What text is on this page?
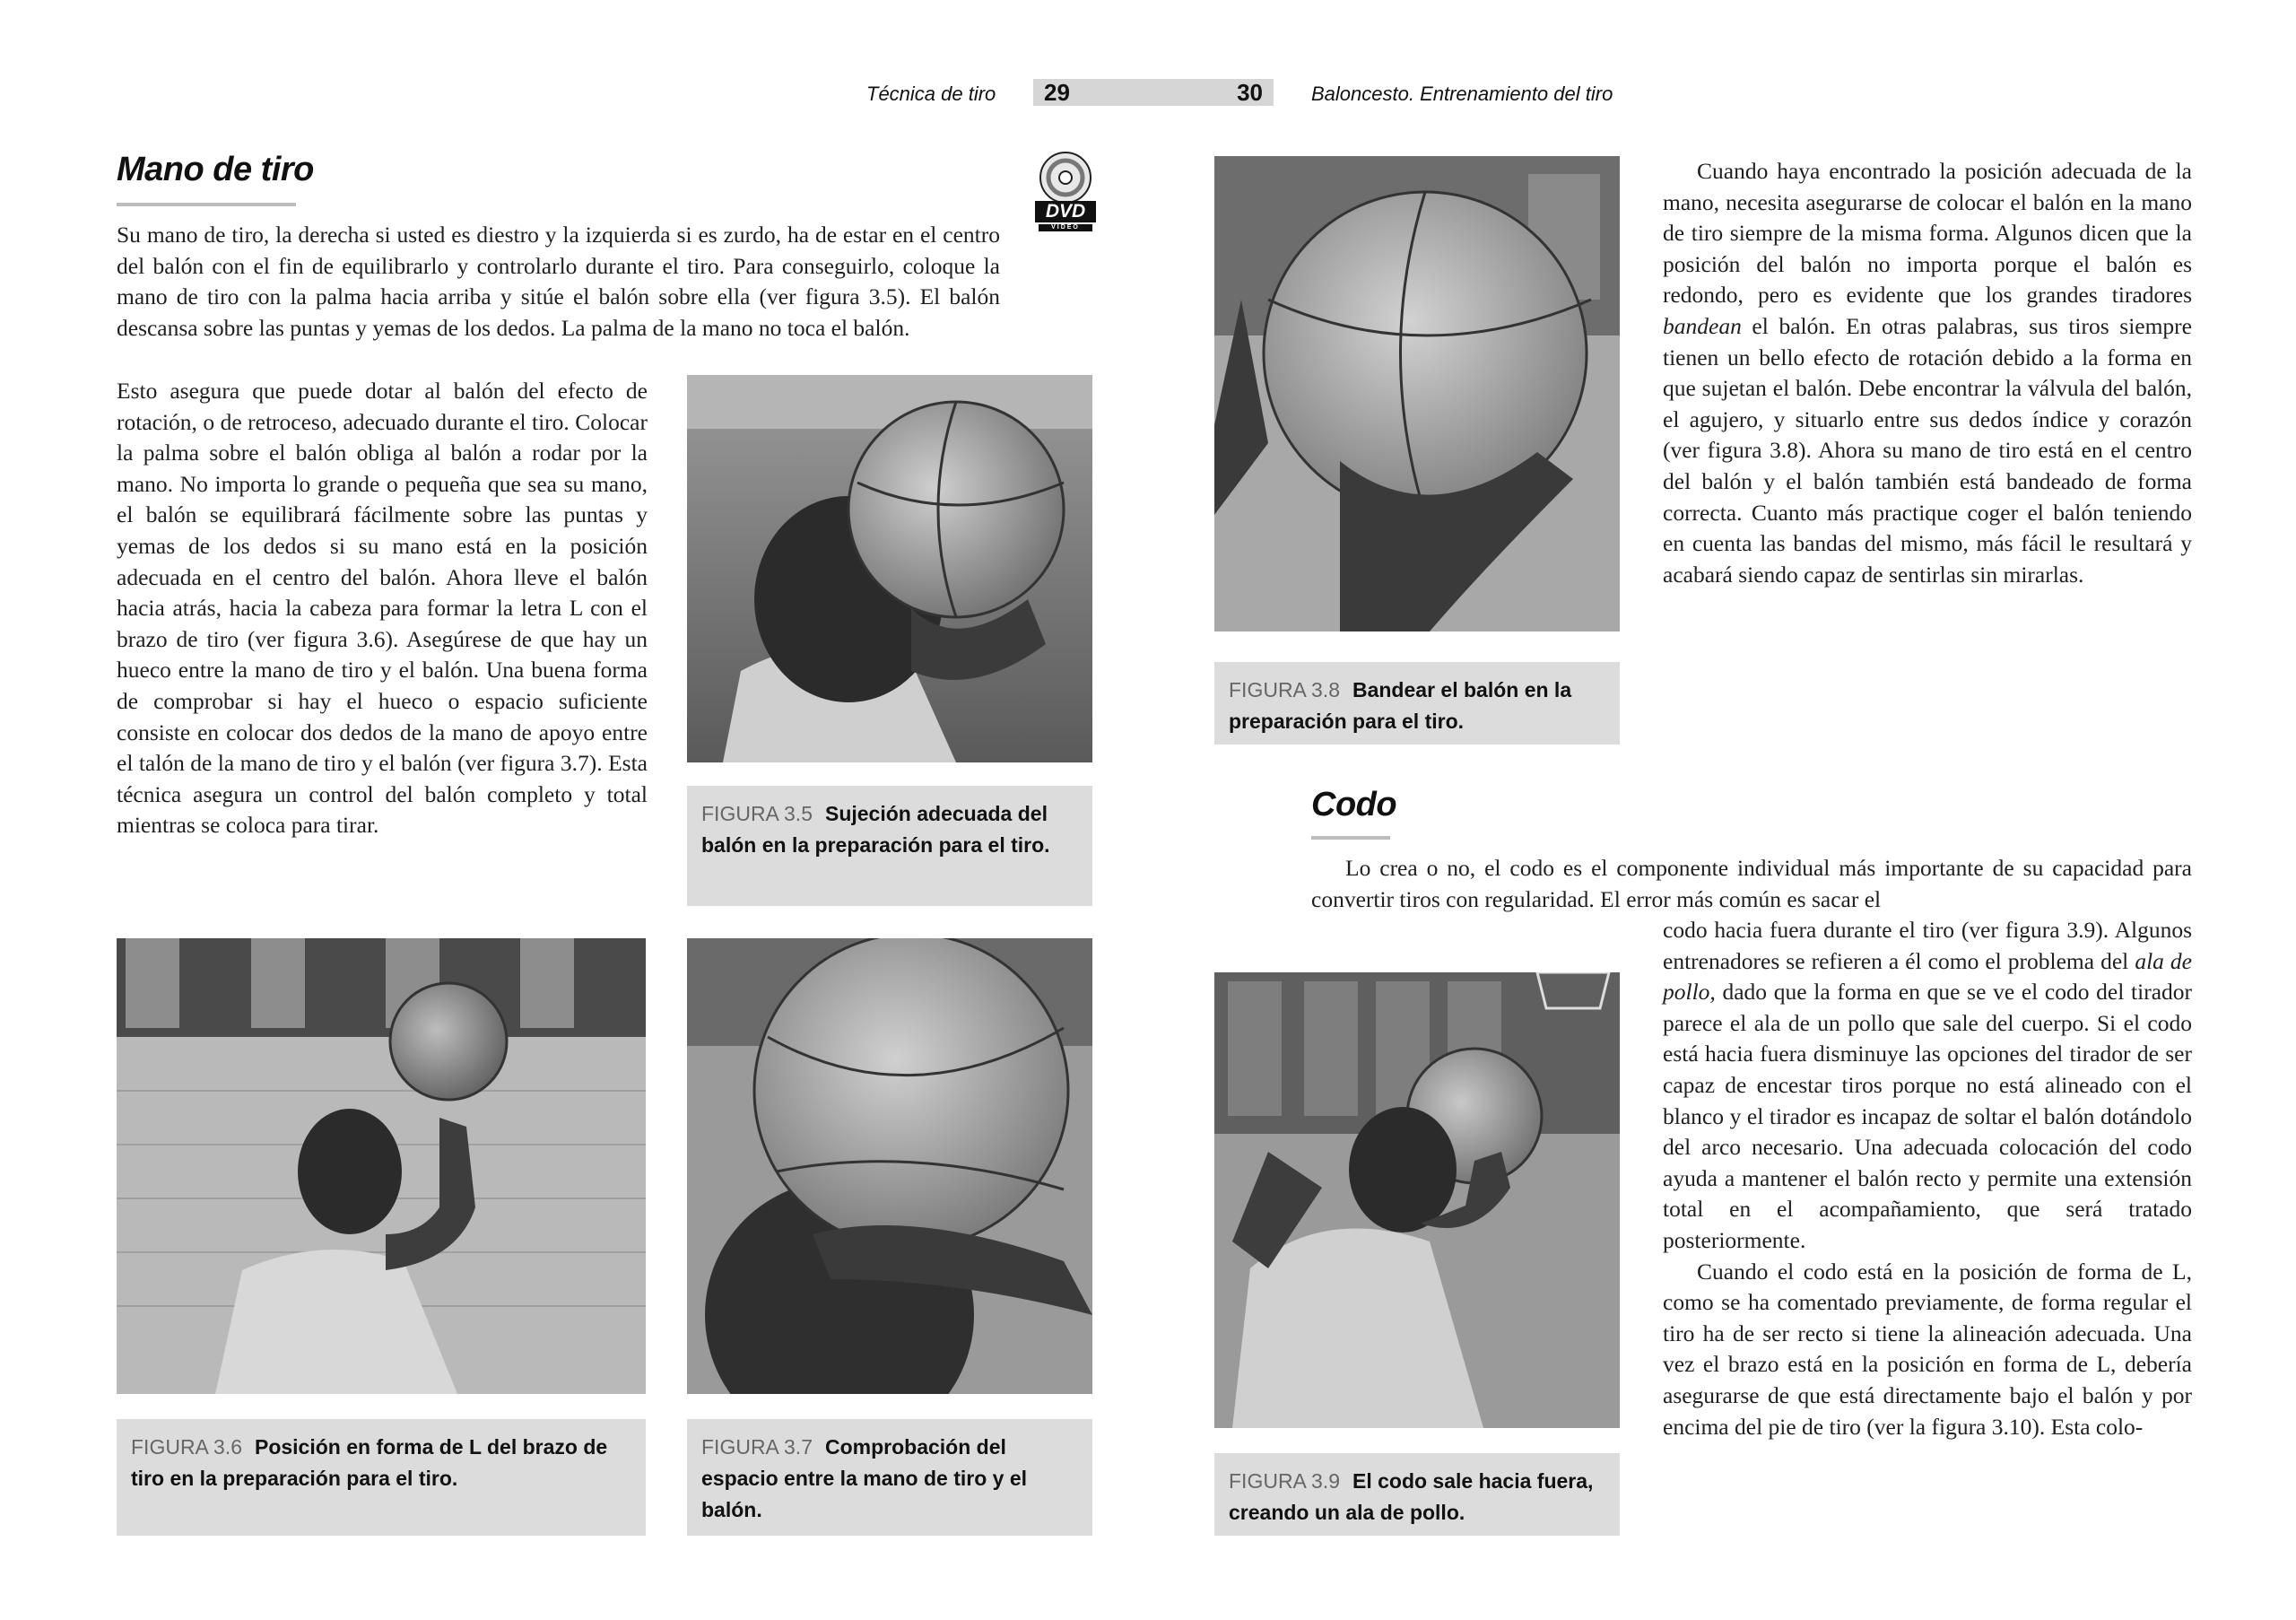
Técnica de tiro 29	30 Baloncesto. Entrenamiento del tiro
DVD
VIDEO
Mano de tiro

Su mano de tiro, la derecha si usted es diestro y la izquierda si es zurdo, ha de estar en el centro del balón con el fin de equilibrarlo y controlarlo durante el tiro. Para conseguirlo, coloque la mano de tiro con la palma hacia arriba y sitúe el balón sobre ella (ver figura 3.5). El balón descansa sobre las puntas y yemas de los dedos. La palma de la mano no toca el balón.

Esto asegura que puede dotar al balón del efecto de rotación, o de retroceso, adecuado durante el tiro. Colocar la palma sobre el balón obliga al balón a rodar por la mano. No importa lo grande o pequeña que sea su mano, el balón se equilibrará fácilmente sobre las puntas y yemas de los dedos si su mano está en la posición adecuada en el centro del balón. Ahora lleve el balón hacia atrás, hacia la cabeza para formar la letra L con el brazo de tiro (ver figura 3.6). Asegúrese de que hay un hueco entre la mano de tiro y el balón. Una buena forma de comprobar si hay el hueco o espacio suficiente consiste en colocar dos dedos de la mano de apoyo entre el talón de la mano de tiro y el balón (ver figura 3.7). Esta técnica asegura un control del balón completo y total mientras se coloca para tirar.	FIGURA 3.5 Sujeción adecuada del balón en la preparación para el tiro.
FIGURA 3.6 Posición en forma de L del brazo de tiro en la preparación para el tiro.
FIGURA 3.7 Comprobación del espacio entre la mano de tiro y el balón.
FIGURA 3.8 Bandear el balón en la preparación para el tiro.

Cuando haya encontrado la posición adecuada de la mano, necesita asegurarse de colocar el balón en la mano de tiro siempre de la misma forma. Algunos dicen que la posición del balón no importa porque el balón es redondo, pero es evidente que los grandes tiradores bandean el balón. En otras palabras, sus tiros siempre tienen un bello efecto de rotación debido a la forma en que sujetan el balón. Debe encontrar la válvula del balón, el agujero, y situarlo entre sus dedos índice y corazón (ver figura 3.8). Ahora su mano de tiro está en el centro del balón y el balón también está bandeado de forma correcta. Cuanto más practique coger el balón teniendo en cuenta las bandas del mismo, más fácil le resultará y acabará siendo capaz de sentirlas sin mirarlas.

Codo

Lo crea o no, el codo es el componente individual más importante de su capacidad para convertir tiros con regularidad. El error más común es sacar el

FIGURA 3.9 El codo sale hacia fuera, creando un ala de pollo.

codo hacia fuera durante el tiro (ver figura 3.9). Algunos entrenadores se refieren a él como el problema del ala de pollo, dado que la forma en que se ve el codo del tirador parece el ala de un pollo que sale del cuerpo. Si el codo está hacia fuera disminuye las opciones del tirador de ser capaz de encestar tiros porque no está alineado con el blanco y el tirador es incapaz de soltar el balón dotándolo del arco necesario. Una adecuada colocación del codo ayuda a mantener el balón recto y permite una extensión total en el acompañamiento, que será tratado posteriormente.

Cuando el codo está en la posición de forma de L, como se ha comentado previamente, de forma regular el tiro ha de ser recto si tiene la alineación adecuada. Una vez el brazo está en la posición en forma de L, debería asegurarse de que está directamente bajo el balón y por encima del pie de tiro (ver la figura 3.10). Esta colo-
